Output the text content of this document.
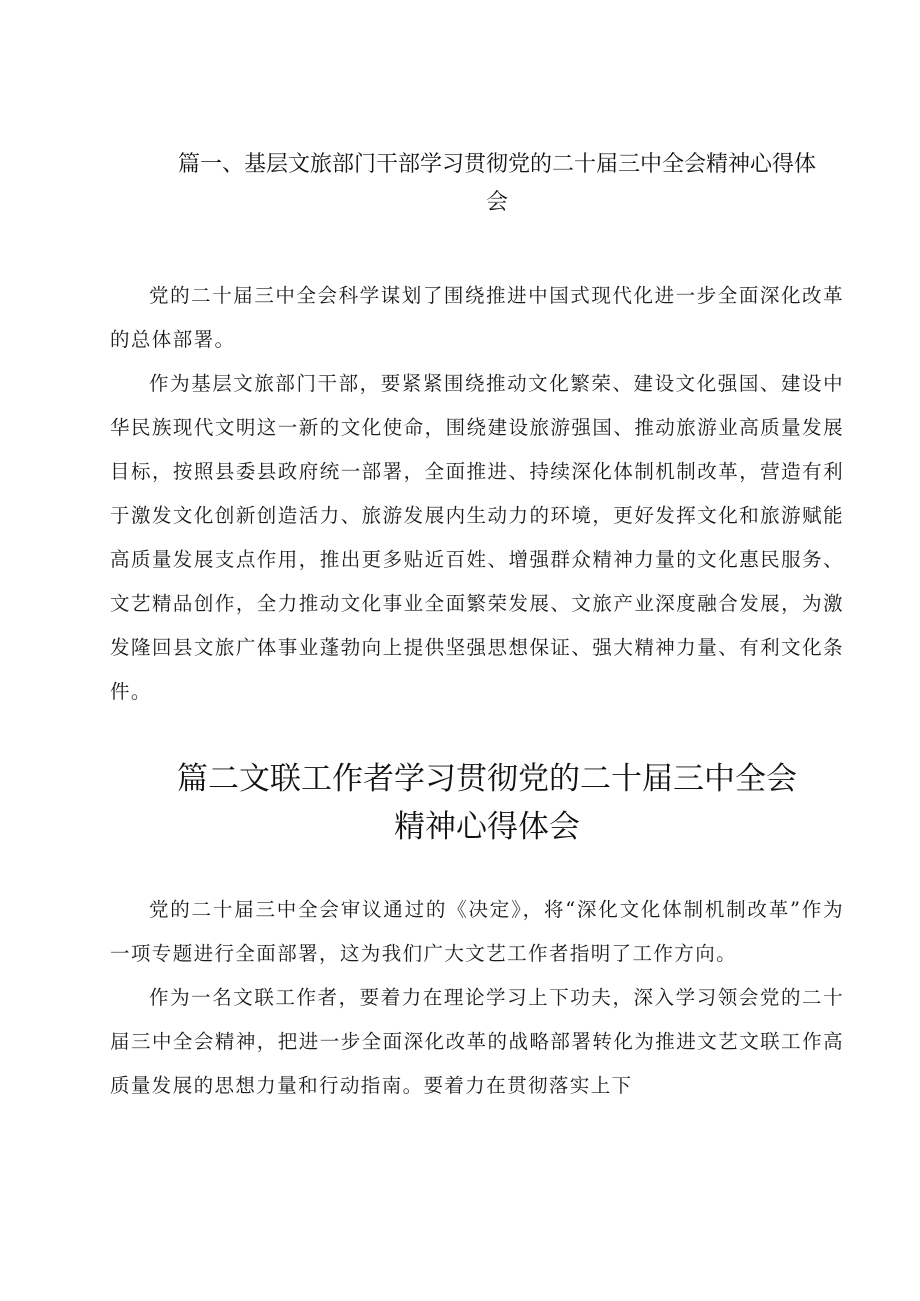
篇一、基层文旅部门干部学习贯彻党的二十届三中全会精神心得体
会

党的二十届三中全会科学谋划了围绕推进中国式现代化进一步全面深化改革的总体部署。

作为基层文旅部门干部，要紧紧围绕推动文化繁荣、建设文化强国、建设中华民族现代文明这一新的文化使命，围绕建设旅游强国、推动旅游业高质量发展目标，按照县委县政府统一部署，全面推进、持续深化体制机制改革，营造有利于激发文化创新创造活力、旅游发展内生动力的环境，更好发挥文化和旅游赋能高质量发展支点作用，推出更多贴近百姓、增强群众精神力量的文化惠民服务、文艺精品创作，全力推动文化事业全面繁荣发展、文旅产业深度融合发展，为激发隆回县文旅广体事业蓬勃向上提供坚强思想保证、强大精神力量、有利文化条件。

篇二文联工作者学习贯彻党的二十届三中全会
精神心得体会

党的二十届三中全会审议通过的《决定》，将“深化文化体制机制改革”作为一项专题进行全面部署，这为我们广大文艺工作者指明了工作方向。

作为一名文联工作者，要着力在理论学习上下功夫，深入学习领会党的二十届三中全会精神，把进一步全面深化改革的战略部署转化为推进文艺文联工作高质量发展的思想力量和行动指南。要着力在贯彻落实上下
